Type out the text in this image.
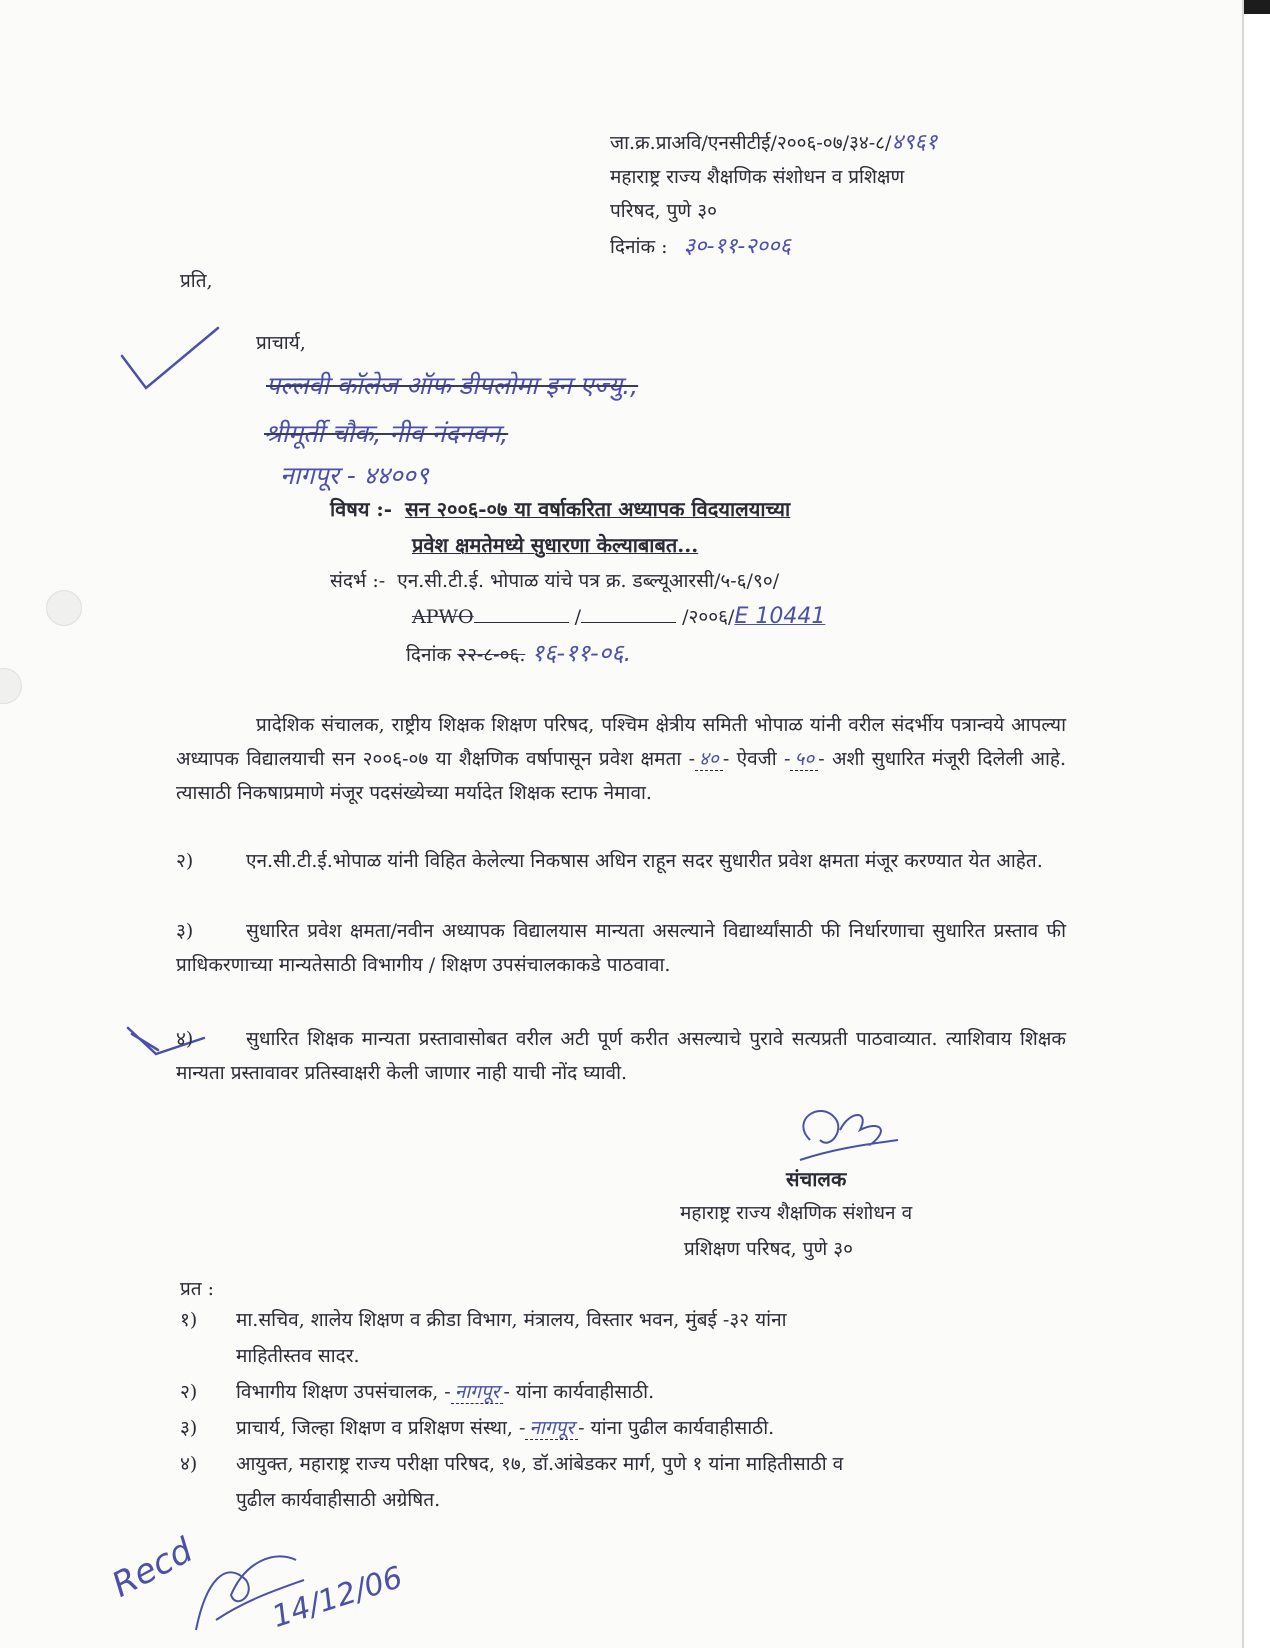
जा.क्र.प्राअवि/एनसीटीई/२००६-०७/३४-८/४९६१
महाराष्ट्र राज्य शैक्षणिक संशोधन व प्रशिक्षण
परिषद, पुणे ३०
दिनांक : ३०-११-२००६
प्रति,
प्राचार्य,
पल्लवी कॉलेज ऑफ डीपलोमा इन एज्यु.,
श्रीमूर्ती चौक, नीव नंदनवन,
नागपूर - ४४००९
विषय :- सन २००६-०७ या वर्षाकरिता अध्यापक विदयालयाच्या
प्रवेश क्षमतेमध्ये सुधारणा केल्याबाबत...
संदर्भ :- एन.सी.टी.ई. भोपाळ यांचे पत्र क्र. डब्ल्यूआरसी/५-६/९०/
APWO	/	/२००६/E 10441
दिनांक २२-८-०६. १६-११-०६.
प्रादेशिक संचालक, राष्ट्रीय शिक्षक शिक्षण परिषद, पश्चिम क्षेत्रीय समिती भोपाळ यांनी वरील संदर्भीय पत्रान्वये आपल्या अध्यापक विद्यालयाची सन २००६-०७ या शैक्षणिक वर्षापासून प्रवेश क्षमता - ४० - ऐवजी - ५० - अशी सुधारित मंजूरी दिलेली आहे. त्यासाठी निकषाप्रमाणे मंजूर पदसंख्येच्या मर्यादेत शिक्षक स्टाफ नेमावा.
२)	एन.सी.टी.ई.भोपाळ यांनी विहित केलेल्या निकषास अधिन राहून सदर सुधारीत प्रवेश क्षमता मंजूर करण्यात येत आहेत.
३)	सुधारित प्रवेश क्षमता/नवीन अध्यापक विद्यालयास मान्यता असल्याने विद्यार्थ्यांसाठी फी निर्धारणाचा सुधारित प्रस्ताव फी प्राधिकरणाच्या मान्यतेसाठी विभागीय / शिक्षण उपसंचालकाकडे पाठवावा.
४)	सुधारित शिक्षक मान्यता प्रस्तावासोबत वरील अटी पूर्ण करीत असल्याचे पुरावे सत्यप्रती पाठवाव्यात. त्याशिवाय शिक्षक मान्यता प्रस्तावावर प्रतिस्वाक्षरी केली जाणार नाही याची नोंद घ्यावी.
संचालक
महाराष्ट्र राज्य शैक्षणिक संशोधन व
प्रशिक्षण परिषद, पुणे ३०
प्रत :
१) मा.सचिव, शालेय शिक्षण व क्रीडा विभाग, मंत्रालय, विस्तार भवन, मुंबई -३२ यांना
माहितीस्तव सादर.
२) विभागीय शिक्षण उपसंचालक, - नागपूर - यांना कार्यवाहीसाठी.
३) प्राचार्य, जिल्हा शिक्षण व प्रशिक्षण संस्था, - नागपूर - यांना पुढील कार्यवाहीसाठी.
४) आयुक्त, महाराष्ट्र राज्य परीक्षा परिषद, १७, डॉ.आंबेडकर मार्ग, पुणे १ यांना माहितीसाठी व
पुढील कार्यवाहीसाठी अग्रेषित.
Recd 14/12/06
